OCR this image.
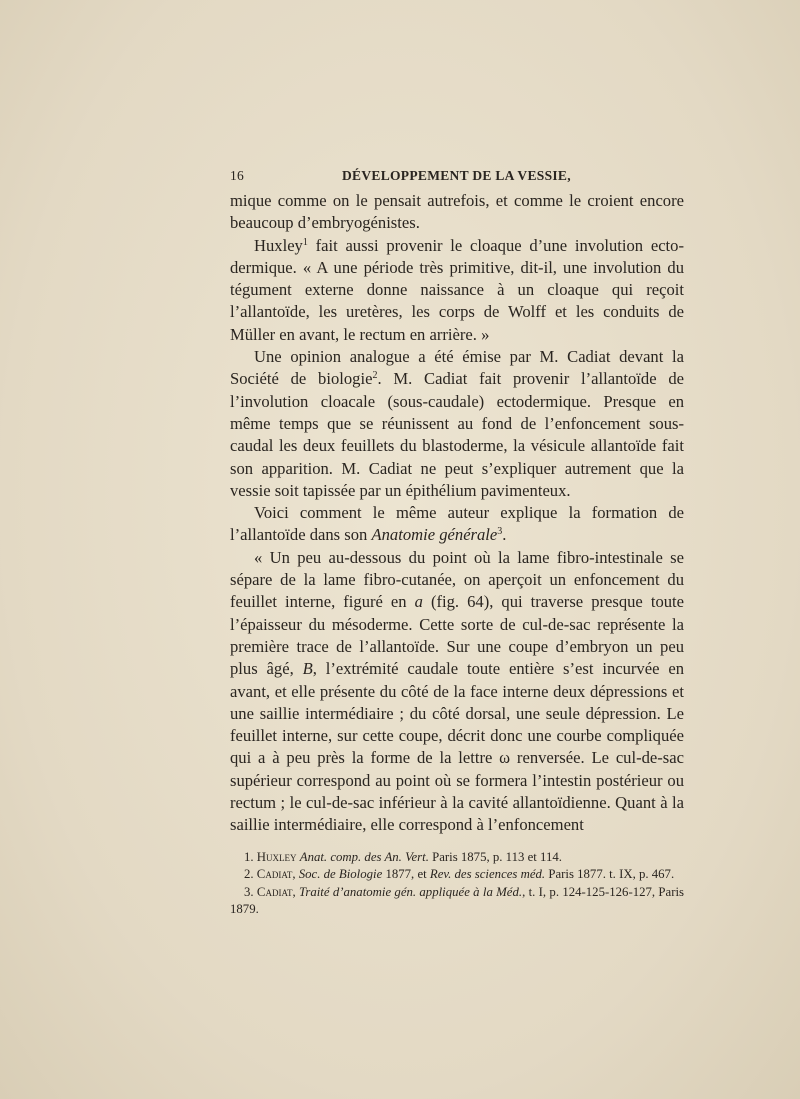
16	DÉVELOPPEMENT DE LA VESSIE,

mique comme on le pensait autrefois, et comme le croient encore beaucoup d’embryogénistes.

Huxley$^1$ fait aussi provenir le cloaque d’une involution ectodermique. « A une période très primitive, dit-il, une involution du tégument externe donne naissance à un cloaque qui reçoit l’allantoïde, les uretères, les corps de Wolff et les conduits de Müller en avant, le rectum en arrière. »

Une opinion analogue a été émise par M. Cadiat devant la Société de biologie$^2$. M. Cadiat fait provenir l’allantoïde de l’involution cloacale (sous-caudale) ectodermique. Presque en même temps que se réunissent au fond de l’enfoncement sous-caudal les deux feuillets du blastoderme, la vésicule allantoïde fait son apparition. M. Cadiat ne peut s’expliquer autrement que la vessie soit tapissée par un épithélium pavimenteux.

Voici comment le même auteur explique la formation de l’allantoïde dans son Anatomie générale$^3$.

« Un peu au-dessous du point où la lame fibro-intestinale se sépare de la lame fibro-cutanée, on aperçoit un enfoncement du feuillet interne, figuré en a (fig. 64), qui traverse presque toute l’épaisseur du mésoderme. Cette sorte de cul-de-sac représente la première trace de l’allantoïde. Sur une coupe d’embryon un peu plus âgé, B, l’extrémité caudale toute entière s’est incurvée en avant, et elle présente du côté de la face interne deux dépressions et une saillie intermédiaire ; du côté dorsal, une seule dépression. Le feuillet interne, sur cette coupe, décrit donc une courbe compliquée qui a à peu près la forme de la lettre ω renversée. Le cul-de-sac supérieur correspond au point où se formera l’intestin postérieur ou rectum ; le cul-de-sac inférieur à la cavité allantoïdienne. Quant à la saillie intermédiaire, elle correspond à l’enfoncement

1. Huxley Anat. comp. des An. Vert. Paris 1875, p. 113 et 114.

2. Cadiat, Soc. de Biologie 1877, et Rev. des sciences méd. Paris 1877. t. IX, p. 467.

3. Cadiat, Traité d’anatomie gén. appliquée à la Méd., t. I, p. 124-125-126-127, Paris 1879.
